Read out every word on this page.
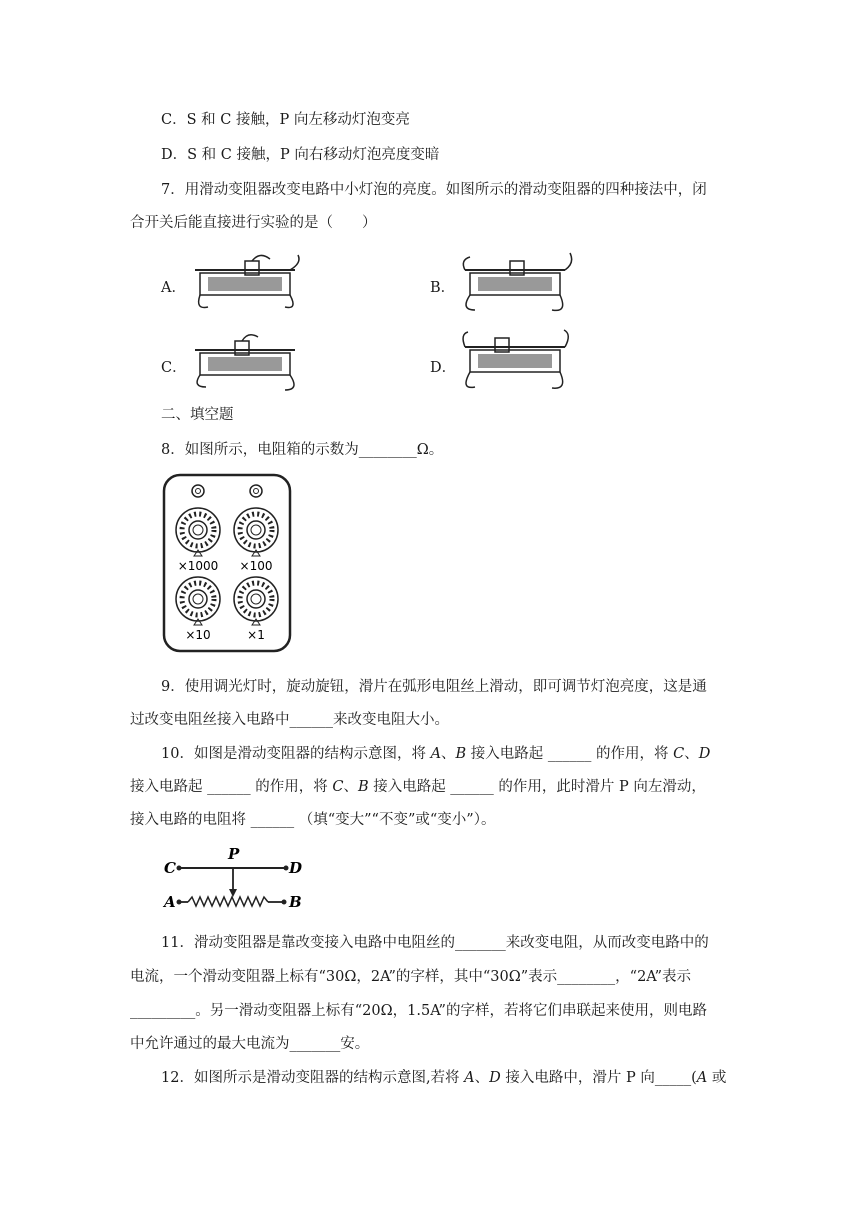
C．S 和 C 接触，P 向左移动灯泡变亮
D．S 和 C 接触，P 向右移动灯泡亮度变暗
7．用滑动变阻器改变电路中小灯泡的亮度。如图所示的滑动变阻器的四种接法中，闭
合开关后能直接进行实验的是（　　）
A．	B．
C．	D．
二、填空题
8．如图所示，电阻箱的示数为________Ω。
×1000 ×100
×10	×1
9．使用调光灯时，旋动旋钮，滑片在弧形电阻丝上滑动，即可调节灯泡亮度，这是通
过改变电阻丝接入电路中______来改变电阻大小。
10．如图是滑动变阻器的结构示意图，将 A、B 接入电路起 ______ 的作用，将 C、D
接入电路起 ______ 的作用，将 C、B 接入电路起 ______ 的作用，此时滑片 P 向左滑动，
接入电路的电阻将 ______ （填“变大”“不变”或“变小”）。
C	D
P
A	B
11．滑动变阻器是靠改变接入电路中电阻丝的_______来改变电阻，从而改变电路中的
电流，一个滑动变阻器上标有“30Ω，2A”的字样，其中“30Ω”表示________，“2A”表示
_________。另一滑动变阻器上标有“20Ω，1.5A”的字样，若将它们串联起来使用，则电路
中允许通过的最大电流为_______安。
12．如图所示是滑动变阻器的结构示意图,若将 A、D 接入电路中，滑片 P 向_____(A 或
